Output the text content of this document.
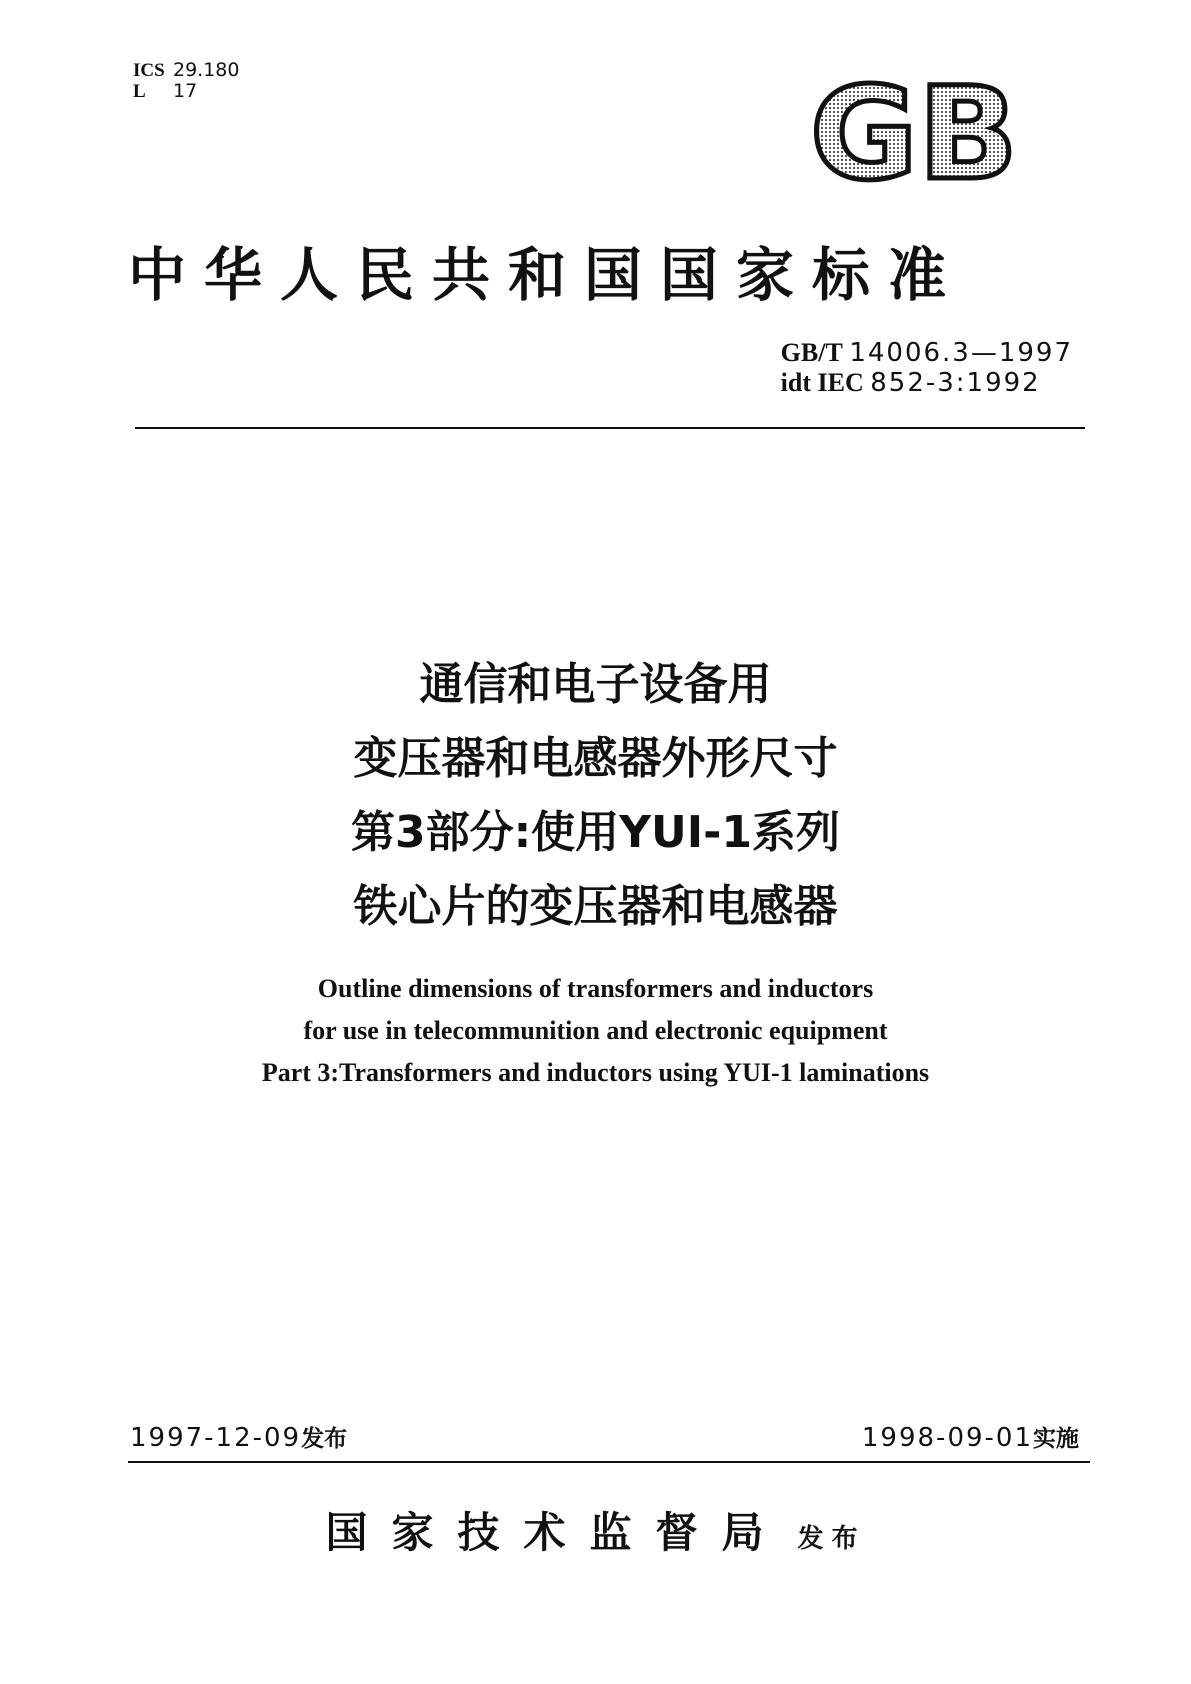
ICS 29.180
L 17	GB
中华人民共和国国家标准
GB/T 14006.3—1997
idt IEC 852-3:1992
通信和电子设备用
变压器和电感器外形尺寸
第3部分:使用YUI-1系列
铁心片的变压器和电感器
Outline dimensions of transformers and inductors
for use in telecommunition and electronic equipment
Part 3:Transformers and inductors using YUI-1 laminations
1997-12-09发布	1998-09-01实施
国家技术监督局 发布
